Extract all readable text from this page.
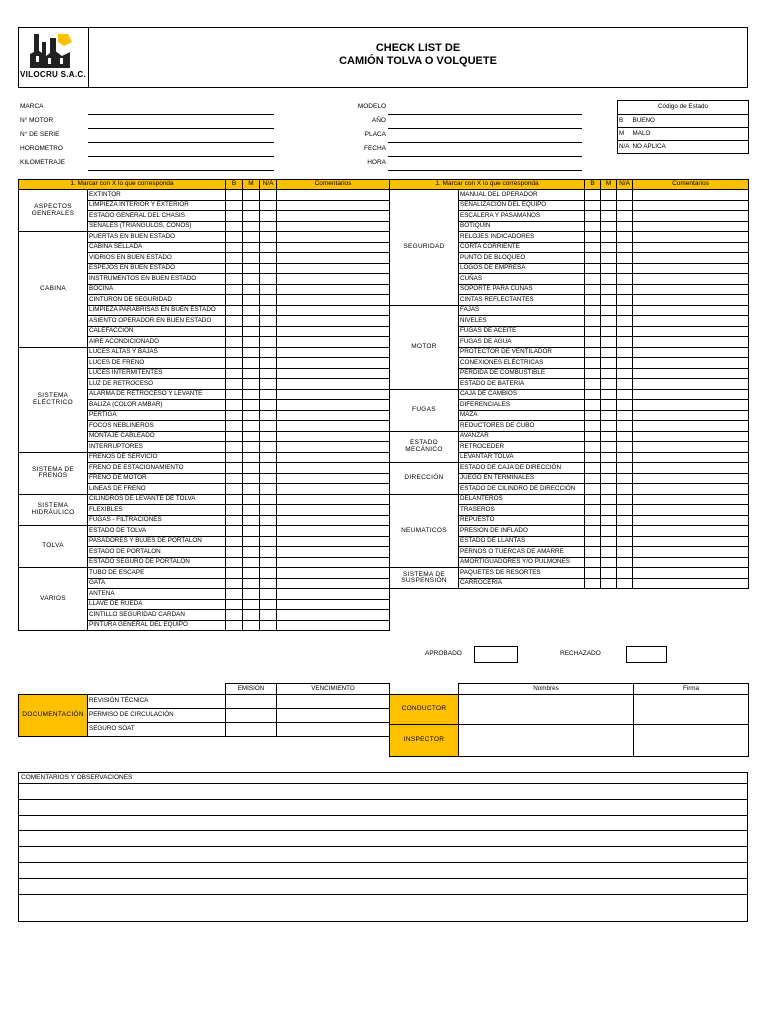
VILOCRU S.A.C.
CHECK LIST DE
CAMIÓN TOLVA O VOLQUETE
MARCA
N° MOTOR
N° DE SERIE
HOROMETRO
KILOMETRAJE
MODELO
AÑO
PLACA
FECHA
HORA
Código de Estado	
B	BUENO
M	MALO
N/A	NO APLICA
1. Marcar con X lo que corresponda		B	M	N/A	Comentarios
ASPECTOS GENERALES	EXTINTOR				
	LIMPIEZA INTERIOR Y EXTERIOR				
	ESTADO GENERAL DEL CHASIS				
	SEÑALES (TRIÁNGULOS, CONOS)				
CABINA	PUERTAS EN BUEN ESTADO				
	CABINA SELLADA				
	VIDRIOS EN BUEN ESTADO				
	ESPEJOS EN BUEN ESTADO				
	INSTRUMENTOS EN BUEN ESTADO				
	BOCINA				
	CINTURON DE SEGURIDAD				
	LIMPIEZA PARABRISAS EN BUEN ESTADO				
	ASIENTO OPERADOR EN BUEN ESTADO				
	CALEFACCIÓN				
	AIRE ACONDICIONADO				
SISTEMA ELÉCTRICO	LUCES ALTAS Y BAJAS				
	LUCES DE FRENO				
	LUCES INTERMITENTES				
	LUZ DE RETROCESO				
	ALARMA DE RETROCESO Y LEVANTE				
	BALIZA (COLOR AMBAR)				
	PERTIGA				
	FOCOS NEBLINEROS				
	MONTAJE CABLEADO				
	INTERRUPTORES				
SISTEMA DE FRENOS	FRENOS DE SERVICIO				
	FRENO DE ESTACIONAMIENTO				
	FRENO DE MOTOR				
	LINEAS DE FRENO				
SISTEMA HIDRÁULICO	CILINDROS DE LEVANTE DE TOLVA				
	FLEXIBLES				
	FUGAS - FILTRACIONES				
TOLVA	ESTADO DE TOLVA				
	PASADORES Y BUJES DE PORTALON				
	ESTADO DE PORTALON				
	ESTADO SEGURO DE PORTALON				
VARIOS	TUBO DE ESCAPE				
	GATA				
	ANTENA				
	LLAVE DE RUEDA				
	CINTILLO SEGURIDAD CARDAN				
	PINTURA GENERAL DEL EQUIPO				
1. Marcar con X lo que corresponda		B	M	N/A	Comentarios
SEGURIDAD	MANUAL DEL OPERADOR				
	SEÑALIZACIÓN DEL EQUIPO				
	ESCALERA Y PASAMANOS				
	BOTIQUÍN				
	RELOJES INDICADORES				
	CORTA CORRIENTE				
	PUNTO DE BLOQUEO				
	LOGOS DE EMPRESA				
	CUÑAS				
	SOPORTE PARA CUÑAS				
	CINTAS REFLECTANTES				
MOTOR	FAJAS				
	NIVELES				
	FUGAS DE ACEITE				
	FUGAS DE AGUA				
	PROTECTOR DE VENTILADOR				
	CONEXIONES ELÉCTRICAS				
	PERDIDA DE COMBUSTIBLE				
	ESTADO DE BATERIA				
FUGAS	CAJA DE CAMBIOS				
	DIFERENCIALES				
	MAZA				
	REDUCTORES DE CUBO				
ESTADO MECÁNICO	AVANZAR				
	RETROCEDER				
	LEVANTAR TOLVA				
DIRECCIÓN	ESTADO DE CAJA DE DIRECCIÓN				
	JUEGO EN TERMINALES				
	ESTADO DE CILINDRO DE DIRECCIÓN				
NEUMATICOS	DELANTEROS				
	TRASEROS				
	REPUESTO				
	PRESION DE INFLADO				
	ESTADO DE LLANTAS				
	PERNOS O TUERCAS DE AMARRE				
	AMORTIGUADORES Y/O PULMONES				
SISTEMA DE SUSPENSIÓN	PAQUETES DE RESORTES				
	CARROCERÍA				
APROBADO	RECHAZADO
		EMISION	VENCIMIENTO
DOCUMENTACIÓN	REVISIÓN TÉCNICA		
	PERMISO DE CIRCULACIÓN		
	SEGURO SOAT		
	Nombres	Firma
CONDUCTOR		
INSPECTOR		
COMENTARIOS Y OBSERVACIONES
